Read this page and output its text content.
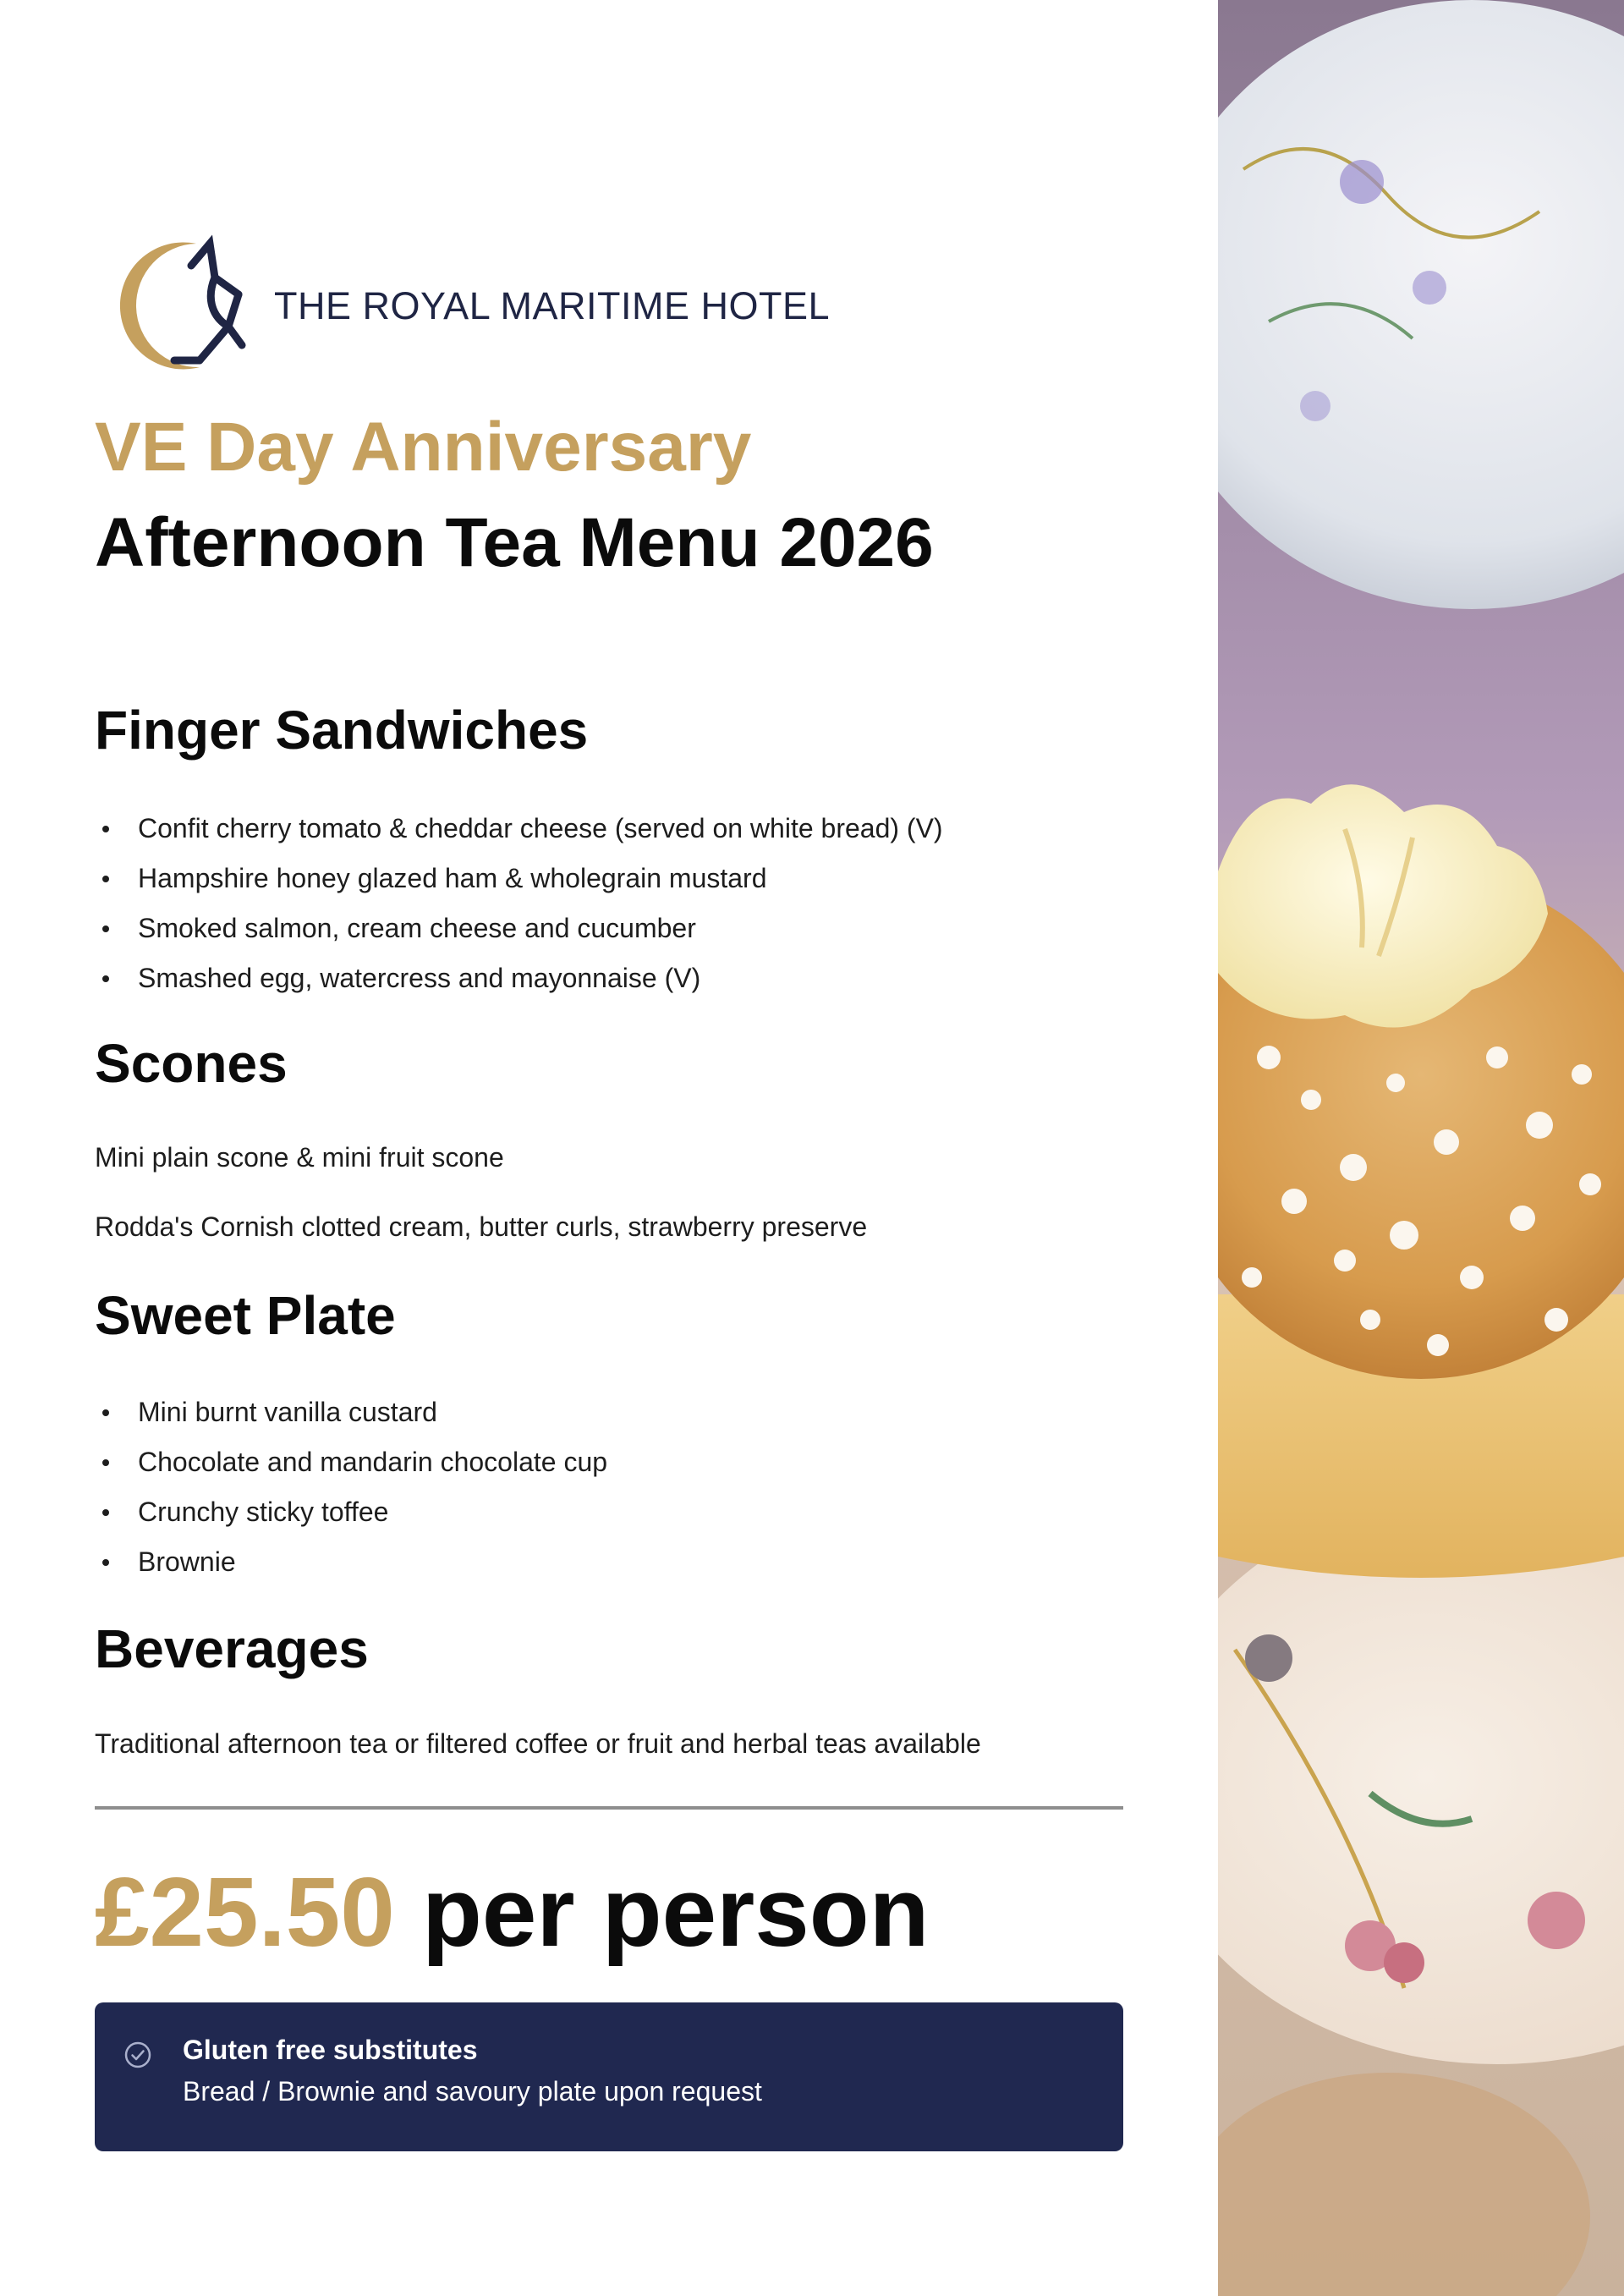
THE ROYAL MARITIME HOTEL
VE Day Anniversary
Afternoon Tea Menu 2026
Finger Sandwiches
Confit cherry tomato & cheddar cheese (served on white bread) (V)
Hampshire honey glazed ham & wholegrain mustard
Smoked salmon, cream cheese and cucumber
Smashed egg, watercress and mayonnaise (V)
Scones

Mini plain scone & mini fruit scone

Rodda's Cornish clotted cream, butter curls, strawberry preserve

Sweet Plate
Mini burnt vanilla custard
Chocolate and mandarin chocolate cup
Crunchy sticky toffee
Brownie
Beverages

Traditional afternoon tea or filtered coffee or fruit and herbal teas available

£25.50 per person
Gluten free substitutes
Bread / Brownie and savoury plate upon request
